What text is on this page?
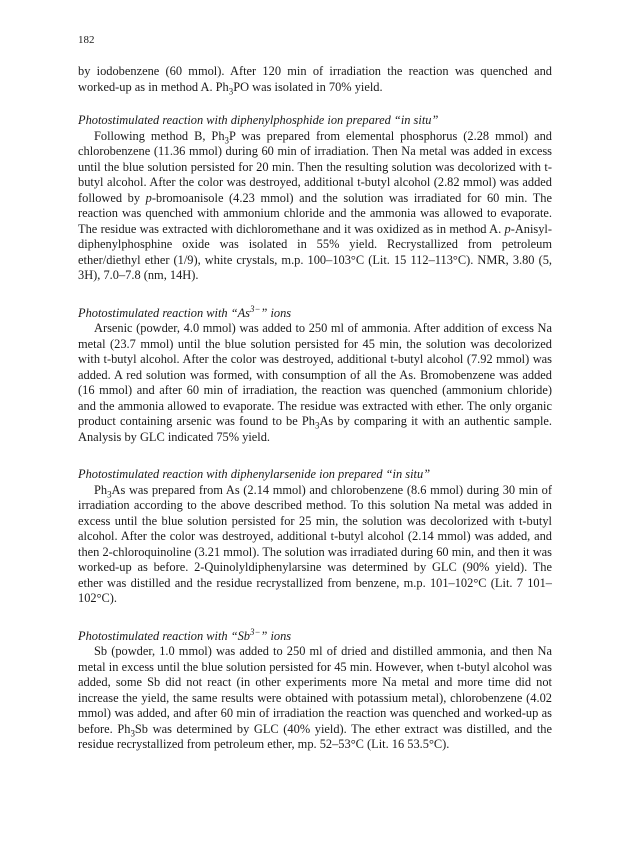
182

by iodobenzene (60 mmol). After 120 min of irradiation the reaction was quenched and worked-up as in method A. $Ph_3PO$ was isolated in 70% yield.

Photostimulated reaction with diphenylphosphide ion prepared “in situ”

Following method B, $Ph_3P$ was prepared from elemental phosphorus (2.28 mmol) and chlorobenzene (11.36 mmol) during 60 min of irradiation. Then Na metal was added in excess until the blue solution persisted for 20 min. Then the resulting solution was decolorized with t-butyl alcohol. After the color was destroyed, additional t-butyl alcohol (2.82 mmol) was added followed by p-bromoanisole (4.23 mmol) and the solution was irradiated for 60 min. The reaction was quenched with ammonium chloride and the ammonia was allowed to evaporate. The residue was extracted with dichloromethane and it was oxidized as in method A. p-Anisyl-diphenylphosphine oxide was isolated in 55% yield. Recrystallized from petroleum ether/diethyl ether (1/9), white crystals, m.p. 100–103°C (Lit. 15 112–113°C). NMR, 3.80 (5, 3H), 7.0–7.8 (nm, 14H).

Photostimulated reaction with “$As^{3-}$” ions

Arsenic (powder, 4.0 mmol) was added to 250 ml of ammonia. After addition of excess Na metal (23.7 mmol) until the blue solution persisted for 45 min, the solution was decolorized with t-butyl alcohol. After the color was destroyed, additional t-butyl alcohol (7.92 mmol) was added. A red solution was formed, with consumption of all the As. Bromobenzene was added (16 mmol) and after 60 min of irradiation, the reaction was quenched (ammonium chloride) and the ammonia allowed to evaporate. The residue was extracted with ether. The only organic product containing arsenic was found to be $Ph_3As$ by comparing it with an authentic sample. Analysis by GLC indicated 75% yield.

Photostimulated reaction with diphenylarsenide ion prepared “in situ”

$Ph_3As$ was prepared from As (2.14 mmol) and chlorobenzene (8.6 mmol) during 30 min of irradiation according to the above described method. To this solution Na metal was added in excess until the blue solution persisted for 25 min, the solution was decolorized with t-butyl alcohol. After the color was destroyed, additional t-butyl alcohol (2.14 mmol) was added, and then 2-chloroquinoline (3.21 mmol). The solution was irradiated during 60 min, and then it was worked-up as before. 2-Quinolyldiphenylarsine was determined by GLC (90% yield). The ether was distilled and the residue recrystallized from benzene, m.p. 101–102°C (Lit. 7 101–102°C).

Photostimulated reaction with “$Sb^{3-}$” ions

Sb (powder, 1.0 mmol) was added to 250 ml of dried and distilled ammonia, and then Na metal in excess until the blue solution persisted for 45 min. However, when t-butyl alcohol was added, some Sb did not react (in other experiments more Na metal and more time did not increase the yield, the same results were obtained with potassium metal), chlorobenzene (4.02 mmol) was added, and after 60 min of irradiation the reaction was quenched and worked-up as before. $Ph_3Sb$ was determined by GLC (40% yield). The ether extract was distilled, and the residue recrystallized from petroleum ether, mp. 52–53°C (Lit. 16 53.5°C).
